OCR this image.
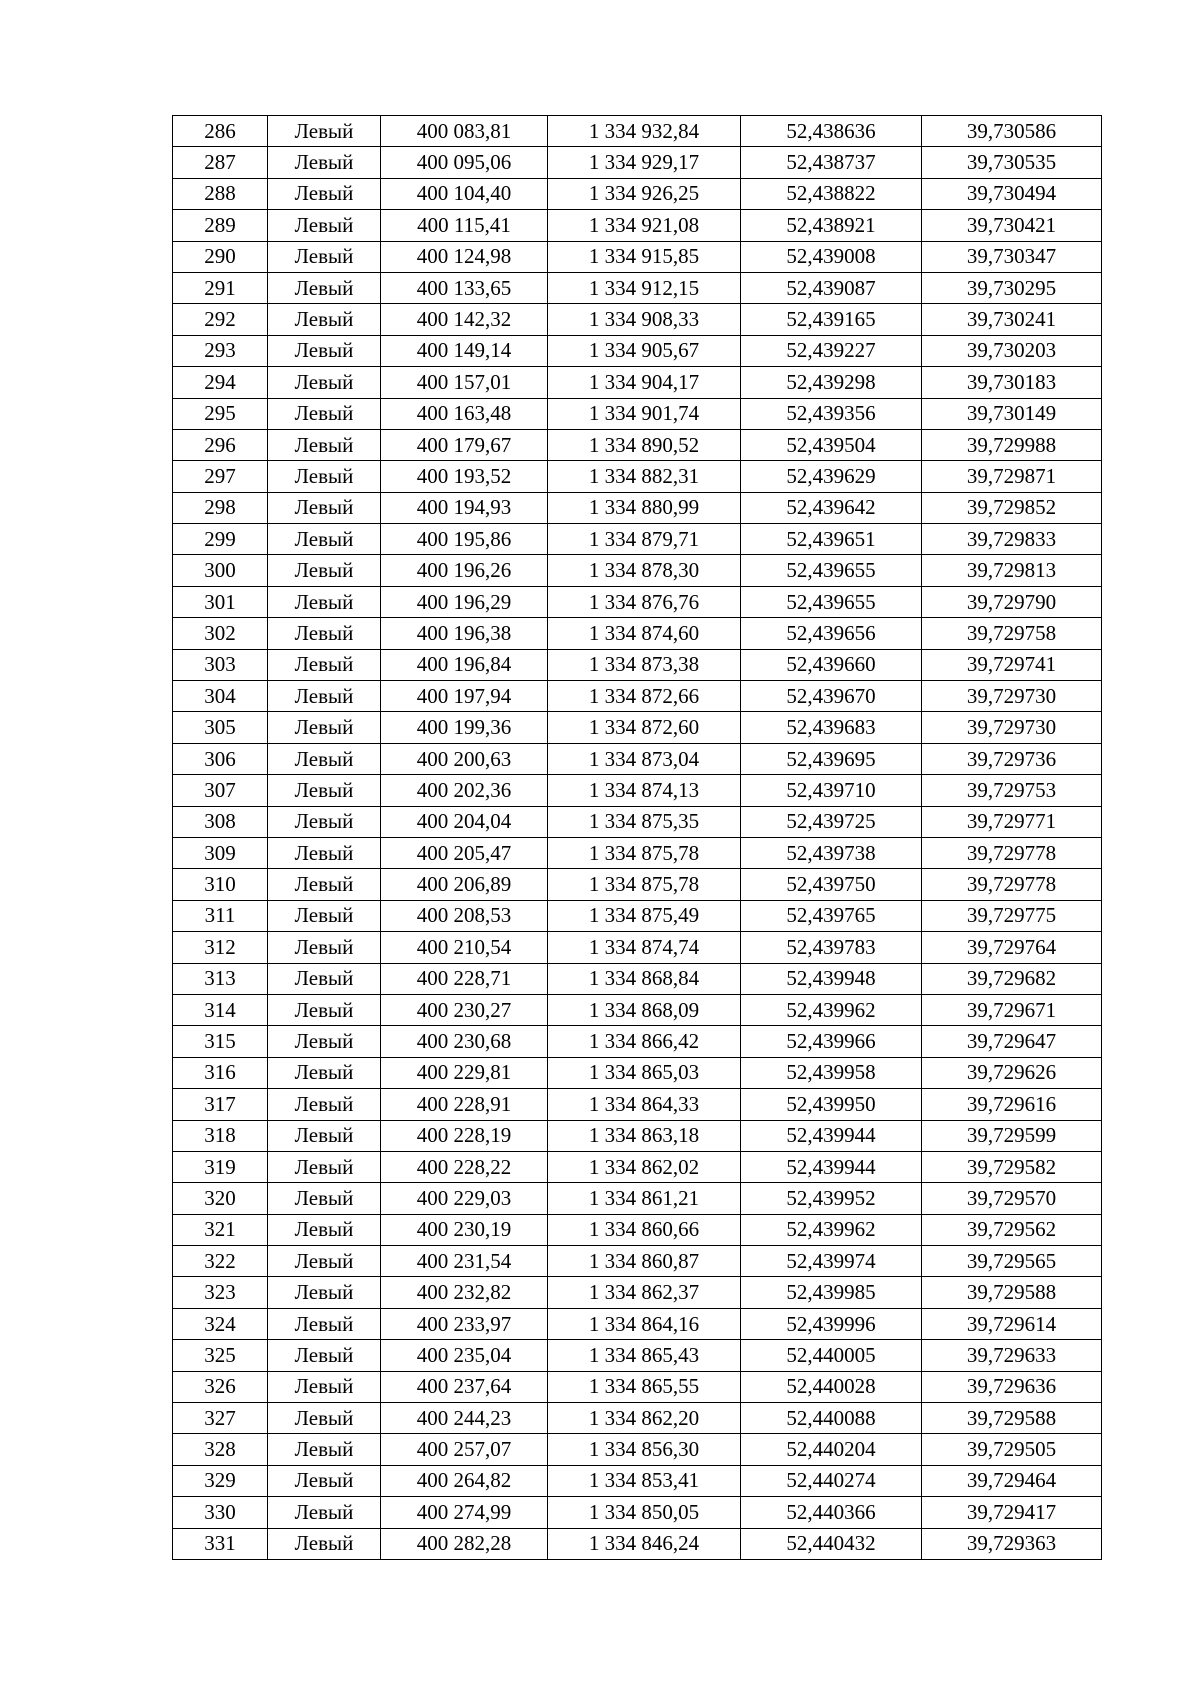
286	Левый	400 083,81	1 334 932,84	52,438636	39,730586
287	Левый	400 095,06	1 334 929,17	52,438737	39,730535
288	Левый	400 104,40	1 334 926,25	52,438822	39,730494
289	Левый	400 115,41	1 334 921,08	52,438921	39,730421
290	Левый	400 124,98	1 334 915,85	52,439008	39,730347
291	Левый	400 133,65	1 334 912,15	52,439087	39,730295
292	Левый	400 142,32	1 334 908,33	52,439165	39,730241
293	Левый	400 149,14	1 334 905,67	52,439227	39,730203
294	Левый	400 157,01	1 334 904,17	52,439298	39,730183
295	Левый	400 163,48	1 334 901,74	52,439356	39,730149
296	Левый	400 179,67	1 334 890,52	52,439504	39,729988
297	Левый	400 193,52	1 334 882,31	52,439629	39,729871
298	Левый	400 194,93	1 334 880,99	52,439642	39,729852
299	Левый	400 195,86	1 334 879,71	52,439651	39,729833
300	Левый	400 196,26	1 334 878,30	52,439655	39,729813
301	Левый	400 196,29	1 334 876,76	52,439655	39,729790
302	Левый	400 196,38	1 334 874,60	52,439656	39,729758
303	Левый	400 196,84	1 334 873,38	52,439660	39,729741
304	Левый	400 197,94	1 334 872,66	52,439670	39,729730
305	Левый	400 199,36	1 334 872,60	52,439683	39,729730
306	Левый	400 200,63	1 334 873,04	52,439695	39,729736
307	Левый	400 202,36	1 334 874,13	52,439710	39,729753
308	Левый	400 204,04	1 334 875,35	52,439725	39,729771
309	Левый	400 205,47	1 334 875,78	52,439738	39,729778
310	Левый	400 206,89	1 334 875,78	52,439750	39,729778
311	Левый	400 208,53	1 334 875,49	52,439765	39,729775
312	Левый	400 210,54	1 334 874,74	52,439783	39,729764
313	Левый	400 228,71	1 334 868,84	52,439948	39,729682
314	Левый	400 230,27	1 334 868,09	52,439962	39,729671
315	Левый	400 230,68	1 334 866,42	52,439966	39,729647
316	Левый	400 229,81	1 334 865,03	52,439958	39,729626
317	Левый	400 228,91	1 334 864,33	52,439950	39,729616
318	Левый	400 228,19	1 334 863,18	52,439944	39,729599
319	Левый	400 228,22	1 334 862,02	52,439944	39,729582
320	Левый	400 229,03	1 334 861,21	52,439952	39,729570
321	Левый	400 230,19	1 334 860,66	52,439962	39,729562
322	Левый	400 231,54	1 334 860,87	52,439974	39,729565
323	Левый	400 232,82	1 334 862,37	52,439985	39,729588
324	Левый	400 233,97	1 334 864,16	52,439996	39,729614
325	Левый	400 235,04	1 334 865,43	52,440005	39,729633
326	Левый	400 237,64	1 334 865,55	52,440028	39,729636
327	Левый	400 244,23	1 334 862,20	52,440088	39,729588
328	Левый	400 257,07	1 334 856,30	52,440204	39,729505
329	Левый	400 264,82	1 334 853,41	52,440274	39,729464
330	Левый	400 274,99	1 334 850,05	52,440366	39,729417
331	Левый	400 282,28	1 334 846,24	52,440432	39,729363
